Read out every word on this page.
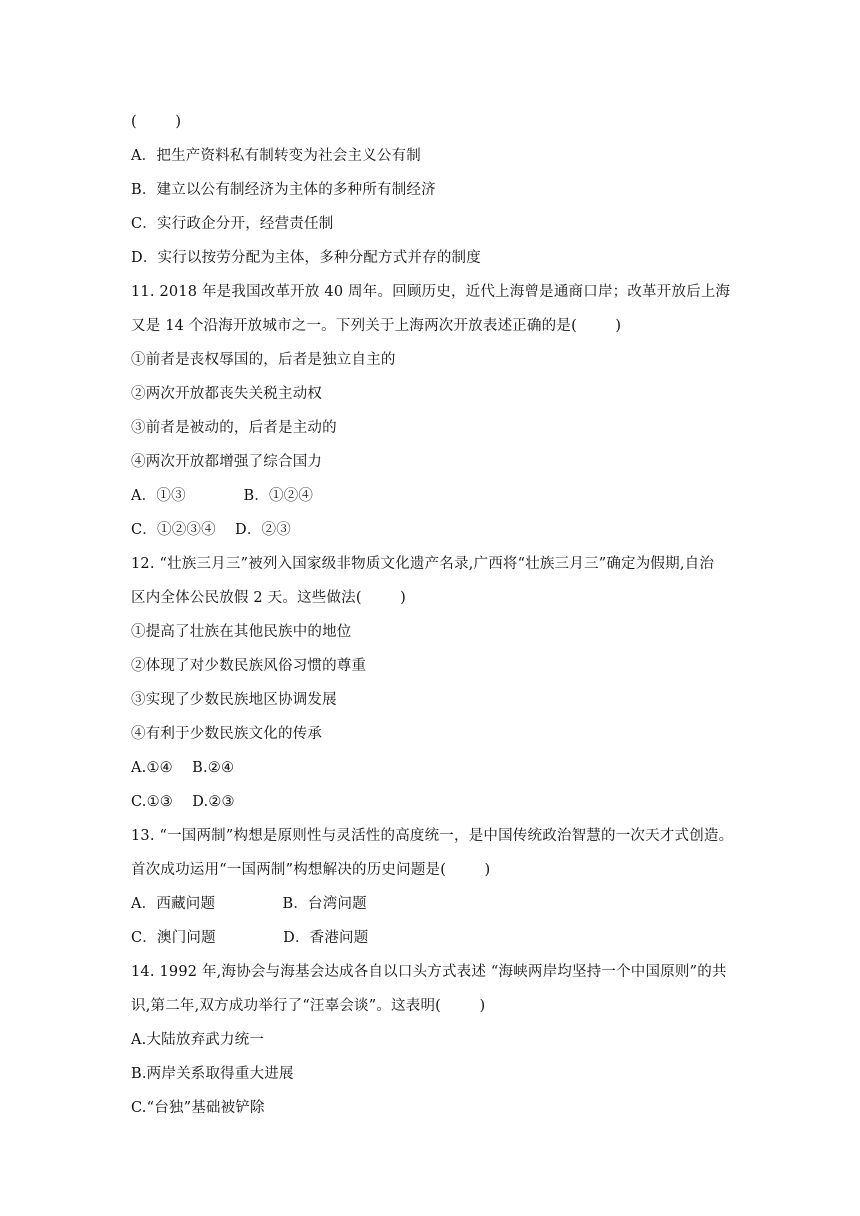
(        )
A．把生产资料私有制转变为社会主义公有制
B．建立以公有制经济为主体的多种所有制经济
C．实行政企分开，经营责任制
D．实行以按劳分配为主体，多种分配方式并存的制度
11. 2018 年是我国改革开放 40 周年。回顾历史，近代上海曾是通商口岸；改革开放后上海
又是 14 个沿海开放城市之一。下列关于上海两次开放表述正确的是(        )
①前者是丧权辱国的，后者是独立自主的
②两次开放都丧失关税主动权
③前者是被动的，后者是主动的
④两次开放都增强了综合国力
A．①③            B．①②④
C．①②③④    D．②③
12. “壮族三月三”被列入国家级非物质文化遗产名录,广西将“壮族三月三”确定为假期,自治
区内全体公民放假 2 天。这些做法(        )
①提高了壮族在其他民族中的地位
②体现了对少数民族风俗习惯的尊重
③实现了少数民族地区协调发展
④有利于少数民族文化的传承
A.①④    B.②④
C.①③    D.②③
13. “一国两制”构想是原则性与灵活性的高度统一，是中国传统政治智慧的一次天才式创造。
首次成功运用“一国两制”构想解决的历史问题是(        )
A．西藏问题              B．台湾问题
C．澳门问题              D．香港问题
14. 1992 年,海协会与海基会达成各自以口头方式表述 “海峡两岸均坚持一个中国原则”的共
识,第二年,双方成功举行了“汪辜会谈”。这表明(        )
A.大陆放弃武力统一
B.两岸关系取得重大进展
C.“台独”基础被铲除
